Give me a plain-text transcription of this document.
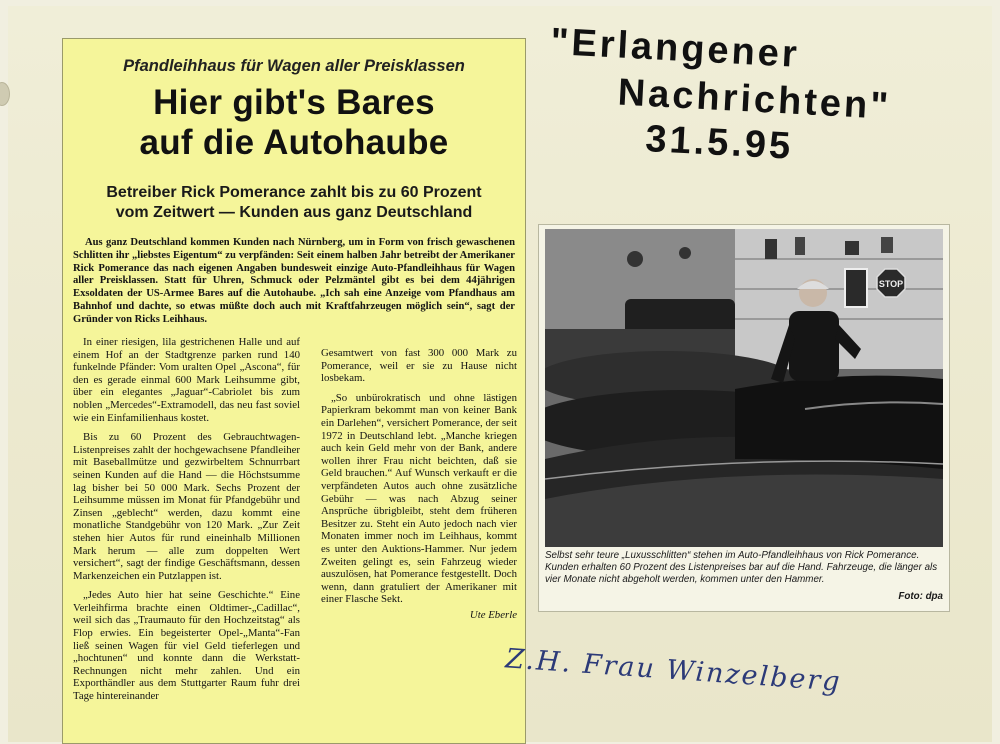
Pfandleihhaus für Wagen aller Preisklassen
Hier gibt's Bares
auf die Autohaube
Betreiber Rick Pomerance zahlt bis zu 60 Prozent
vom Zeitwert — Kunden aus ganz Deutschland
Aus ganz Deutschland kommen Kunden nach Nürnberg, um in Form von frisch gewaschenen Schlitten ihr „liebstes Eigentum“ zu verpfänden: Seit einem halben Jahr betreibt der Amerikaner Rick Pomerance das nach eigenen Angaben bundesweit einzige Auto-Pfandleihhaus für Wagen aller Preisklassen. Statt für Uhren, Schmuck oder Pelzmäntel gibt es bei dem 44jährigen Exsoldaten der US-Armee Bares auf die Autohaube. „Ich sah eine Anzeige vom Pfandhaus am Bahnhof und dachte, so etwas müßte doch auch mit Kraftfahrzeugen möglich sein“, sagt der Gründer von Ricks Leihhaus.

In einer riesigen, lila gestrichenen Halle und auf einem Hof an der Stadtgrenze parken rund 140 funkelnde Pfänder: Vom uralten Opel „Ascona“, für den es gerade einmal 600 Mark Leihsumme gibt, über ein elegantes „Jaguar“-Cabriolet bis zum noblen „Mercedes“-Extramodell, das neu fast soviel wie ein Einfamilienhaus kostet.

Bis zu 60 Prozent des Gebrauchtwagen-Listenpreises zahlt der hochgewachsene Pfandleiher mit Baseballmütze und gezwirbeltem Schnurrbart seinen Kunden auf die Hand — die Höchstsumme lag bisher bei 50 000 Mark. Sechs Prozent der Leihsumme müssen im Monat für Pfandgebühr und Zinsen „geblecht“ werden, dazu kommt eine monatliche Standgebühr von 120 Mark. „Zur Zeit stehen hier Autos für rund eineinhalb Millionen Mark herum — alle zum doppelten Wert versichert“, sagt der findige Geschäftsmann, dessen Markenzeichen ein Putzlappen ist.

„Jedes Auto hier hat seine Geschichte.“ Eine Verleihfirma brachte einen Oldtimer-„Cadillac“, weil sich das „Traumauto für den Hochzeitstag“ als Flop erwies. Ein begeisterter Opel-„Manta“-Fan ließ seinen Wagen für viel Geld tieferlegen und „hochtunen“ und konnte dann die Werkstatt-Rechnungen nicht mehr zahlen. Und ein Exporthändler aus dem Stuttgarter Raum fuhr drei Tage hintereinander

Gesamtwert von fast 300 000 Mark zu Pomerance, weil er sie zu Hause nicht losbekam.

„So unbürokratisch und ohne lästigen Papierkram bekommt man von keiner Bank ein Darlehen“, versichert Pomerance, der seit 1972 in Deutschland lebt. „Manche kriegen auch kein Geld mehr von der Bank, andere wollen ihrer Frau nicht beichten, daß sie Geld brauchen.“ Auf Wunsch verkauft er die verpfändeten Autos auch ohne zusätzliche Gebühr — was nach Abzug seiner Ansprüche übrigbleibt, steht dem früheren Besitzer zu. Steht ein Auto jedoch nach vier Monaten immer noch im Leihhaus, kommt es unter den Auktions-Hammer. Nur jedem Zweiten gelingt es, sein Fahrzeug wieder auszulösen, hat Pomerance festgestellt. Doch wenn, dann gratuliert der Amerikaner mit einer Flasche Sekt.

Ute Eberle
"Erlangener
Nachrichten"
31.5.95
STOP
Selbst sehr teure „Luxusschlitten“ stehen im Auto-Pfandleihhaus von Rick Pomerance. Kunden erhalten 60 Prozent des Listenpreises bar auf die Hand. Fahrzeuge, die länger als vier Monate nicht abgeholt werden, kommen unter den Hammer.
Foto: dpa
Z.H. Frau Winzelberg
